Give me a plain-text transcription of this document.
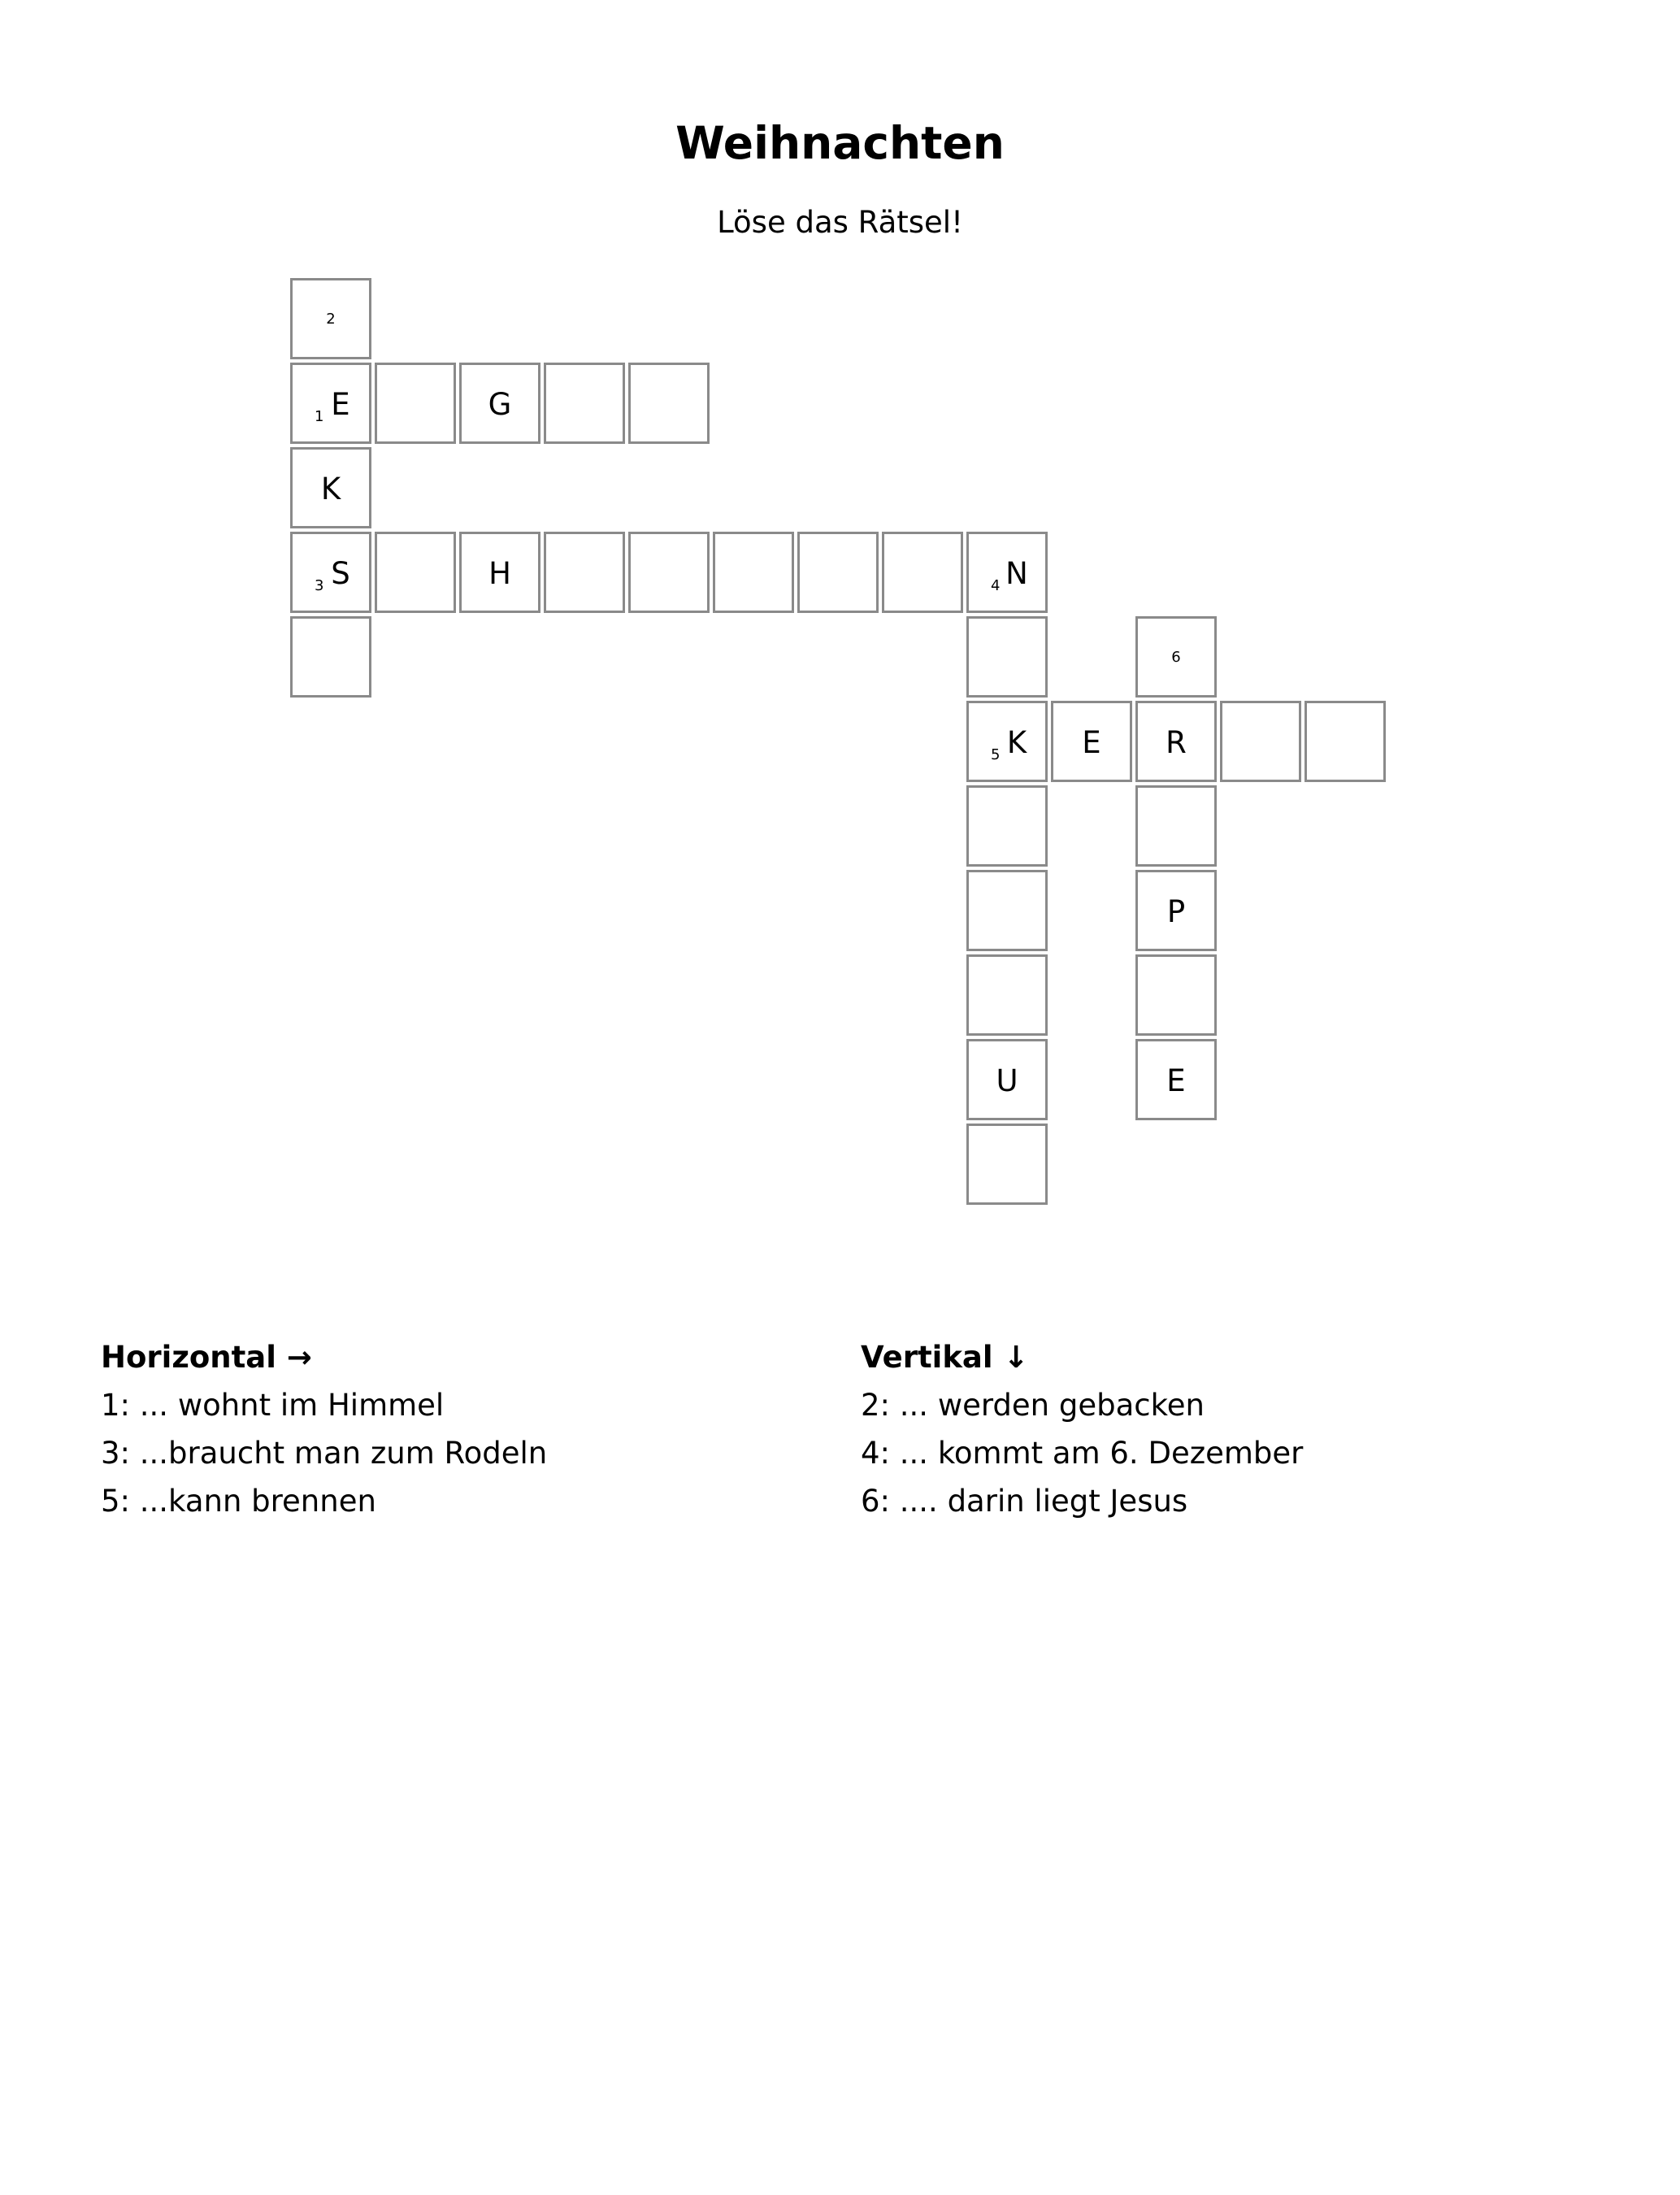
Weihnachten
Löse das Rätsel!
2
1 E	G
K
3 S	H	4 N
6
5 K	E	R
P
U	E
Horizontal →
1: ... wohnt im Himmel
3: ...braucht man zum Rodeln
5: ...kann brennen
Vertikal ↓
2: ... werden gebacken
4: ... kommt am 6. Dezember
6: .... darin liegt Jesus
